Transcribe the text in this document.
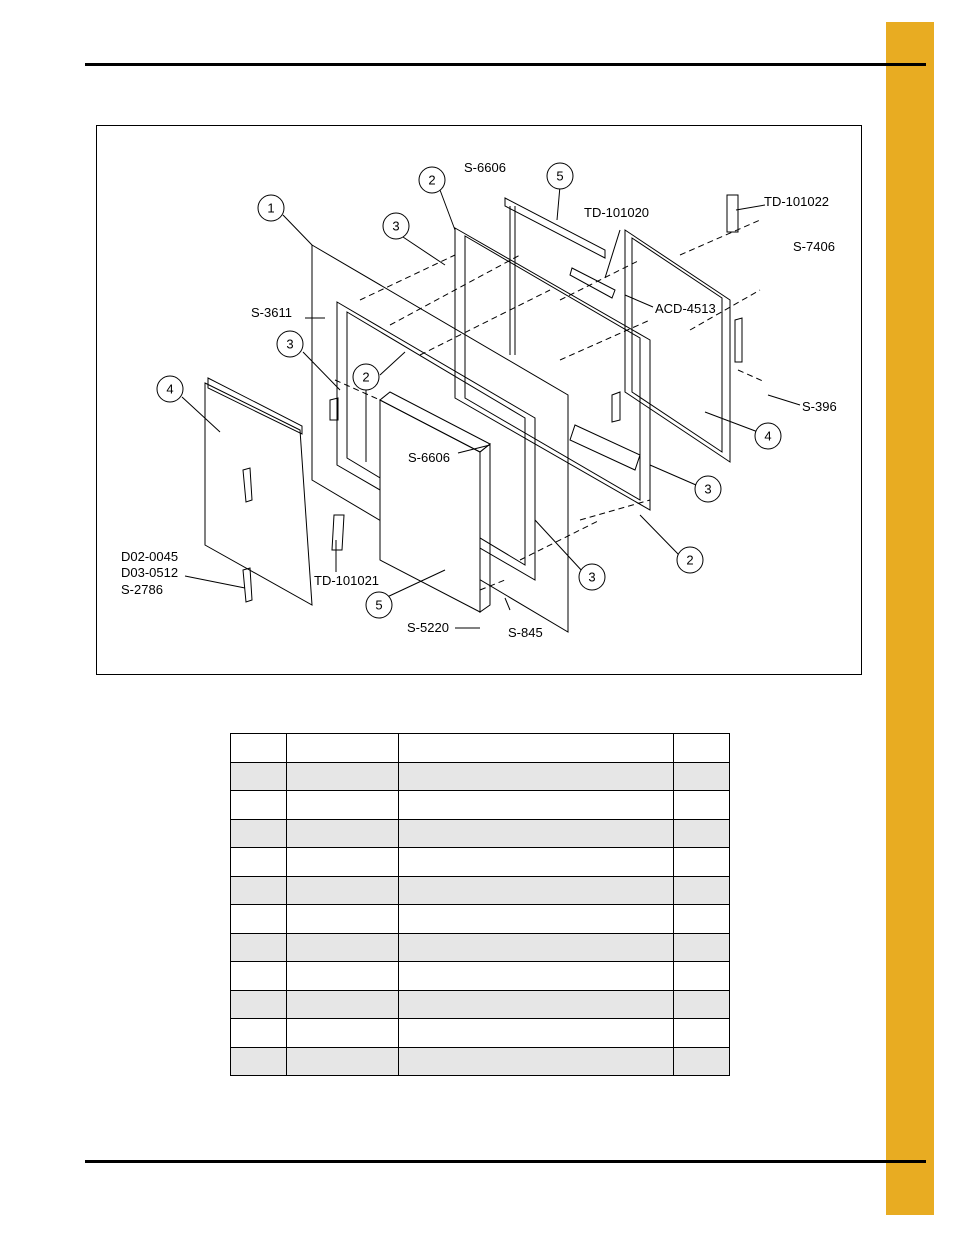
1
2
3
5
4
3
2
4
3
2
3
5
S-6606
TD-101020
TD-101022
S-7406
ACD-4513
S-3611
S-396
S-6606
D02-0045
D03-0512
S-2786
TD-101021
S-5220	S-845
